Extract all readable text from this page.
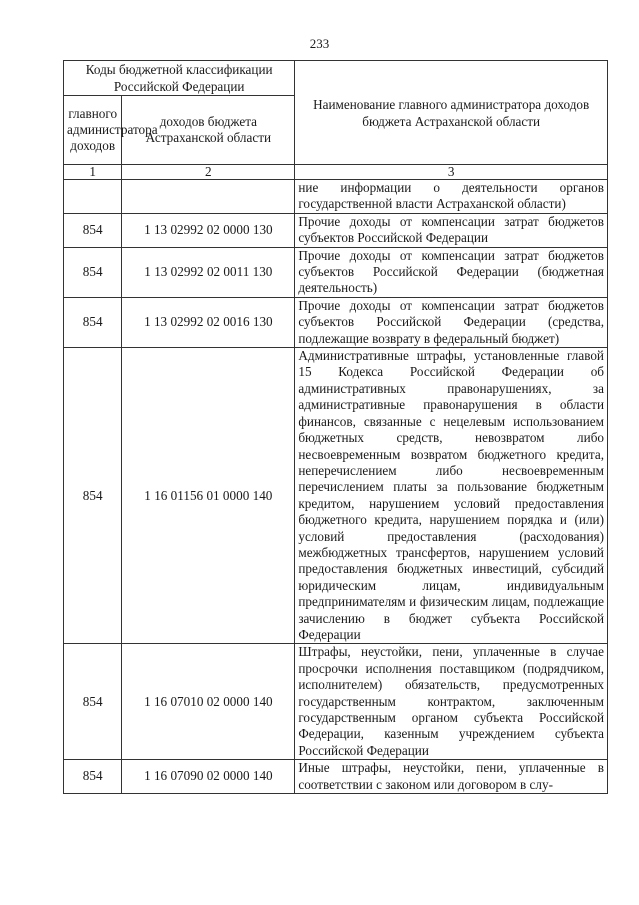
233
Коды бюджетной классификации Российской Федерации		Наименование главного администратора доходов бюджета Астраханской области
главного администратора доходов	доходов бюджета Астраханской области	
1	2	3
		ние информации о деятельности органов государственной власти Астраханской области)
854	1 13 02992 02 0000 130	Прочие доходы от компенсации затрат бюджетов субъектов Российской Федерации
854	1 13 02992 02 0011 130	Прочие доходы от компенсации затрат бюджетов субъектов Российской Федерации (бюджетная деятельность)
854	1 13 02992 02 0016 130	Прочие доходы от компенсации затрат бюджетов субъектов Российской Федерации (средства, подлежащие возврату в федеральный бюджет)
854	1 16 01156 01 0000 140	Административные штрафы, установленные главой 15 Кодекса Российской Федерации об административных правонарушениях, за административные правонарушения в области финансов, связанные с нецелевым использованием бюджетных средств, невозвратом либо несвоевременным возвратом бюджетного кредита, неперечислением либо несвоевременным перечислением платы за пользование бюджетным кредитом, нарушением условий предоставления бюджетного кредита, нарушением порядка и (или) условий предоставления (расходования) межбюджетных трансфертов, нарушением условий предоставления бюджетных инвестиций, субсидий юридическим лицам, индивидуальным предпринимателям и физическим лицам, подлежащие зачислению в бюджет субъекта Российской Федерации
854	1 16 07010 02 0000 140	Штрафы, неустойки, пени, уплаченные в случае просрочки исполнения поставщиком (подрядчиком, исполнителем) обязательств, предусмотренных государственным контрактом, заключенным государственным органом субъекта Российской Федерации, казенным учреждением субъекта Российской Федерации
854	1 16 07090 02 0000 140	Иные штрафы, неустойки, пени, уплаченные в соответствии с законом или договором в слу-
